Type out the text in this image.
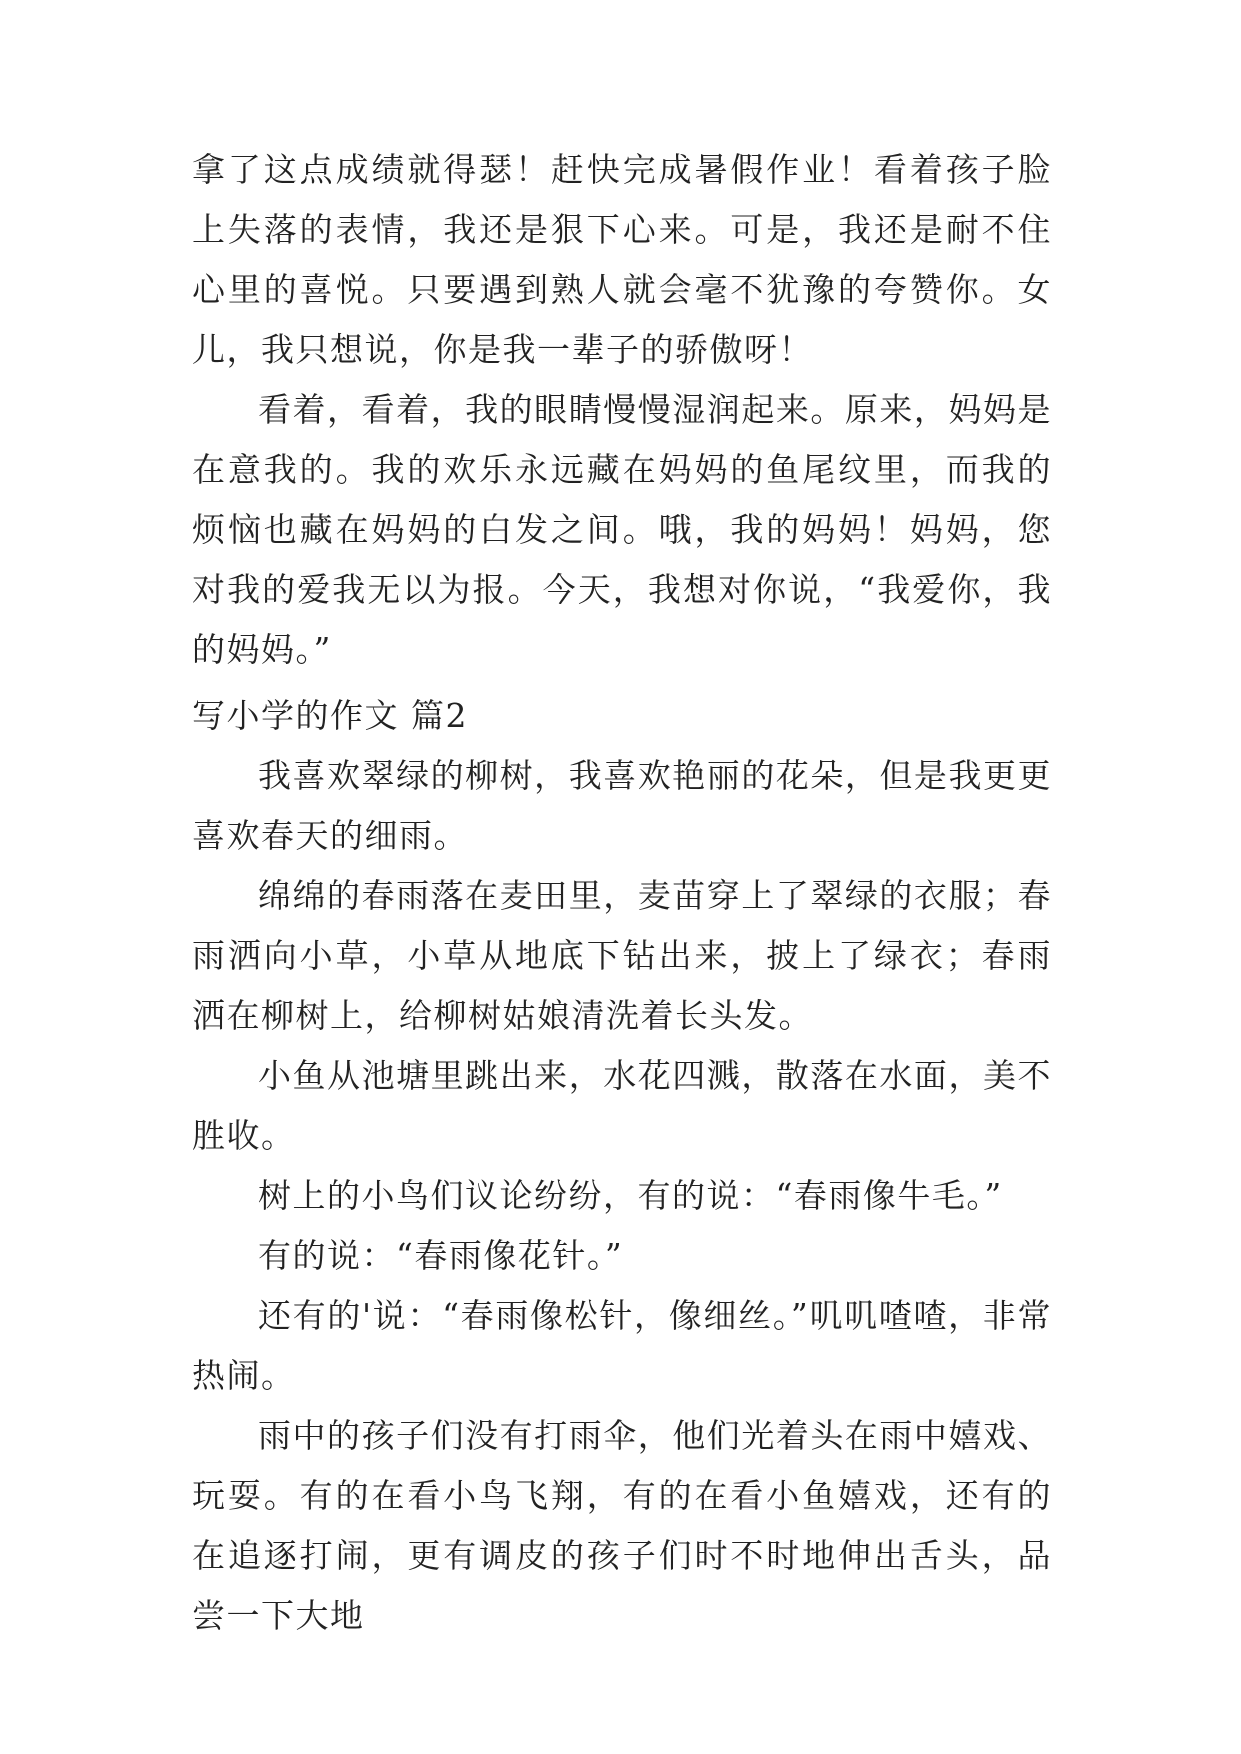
拿了这点成绩就得瑟！赶快完成暑假作业！看着孩子脸上失落的表情，我还是狠下心来。可是，我还是耐不住心里的喜悦。只要遇到熟人就会毫不犹豫的夸赞你。女儿，我只想说，你是我一辈子的骄傲呀！

看着，看着，我的眼睛慢慢湿润起来。原来，妈妈是在意我的。我的欢乐永远藏在妈妈的鱼尾纹里，而我的烦恼也藏在妈妈的白发之间。哦，我的妈妈！妈妈，您对我的爱我无以为报。今天，我想对你说，“我爱你，我的妈妈。”

写小学的作文 篇2

我喜欢翠绿的柳树，我喜欢艳丽的花朵，但是我更更喜欢春天的细雨。

绵绵的春雨落在麦田里，麦苗穿上了翠绿的衣服；春雨洒向小草，小草从地底下钻出来，披上了绿衣；春雨洒在柳树上，给柳树姑娘清洗着长头发。

小鱼从池塘里跳出来，水花四溅，散落在水面，美不胜收。

树上的小鸟们议论纷纷，有的说：“春雨像牛毛。”

有的说：“春雨像花针。”

还有的'说：“春雨像松针，像细丝。”叽叽喳喳，非常热闹。

雨中的孩子们没有打雨伞，他们光着头在雨中嬉戏、玩耍。有的在看小鸟飞翔，有的在看小鱼嬉戏，还有的在追逐打闹，更有调皮的孩子们时不时地伸出舌头，品尝一下大地
